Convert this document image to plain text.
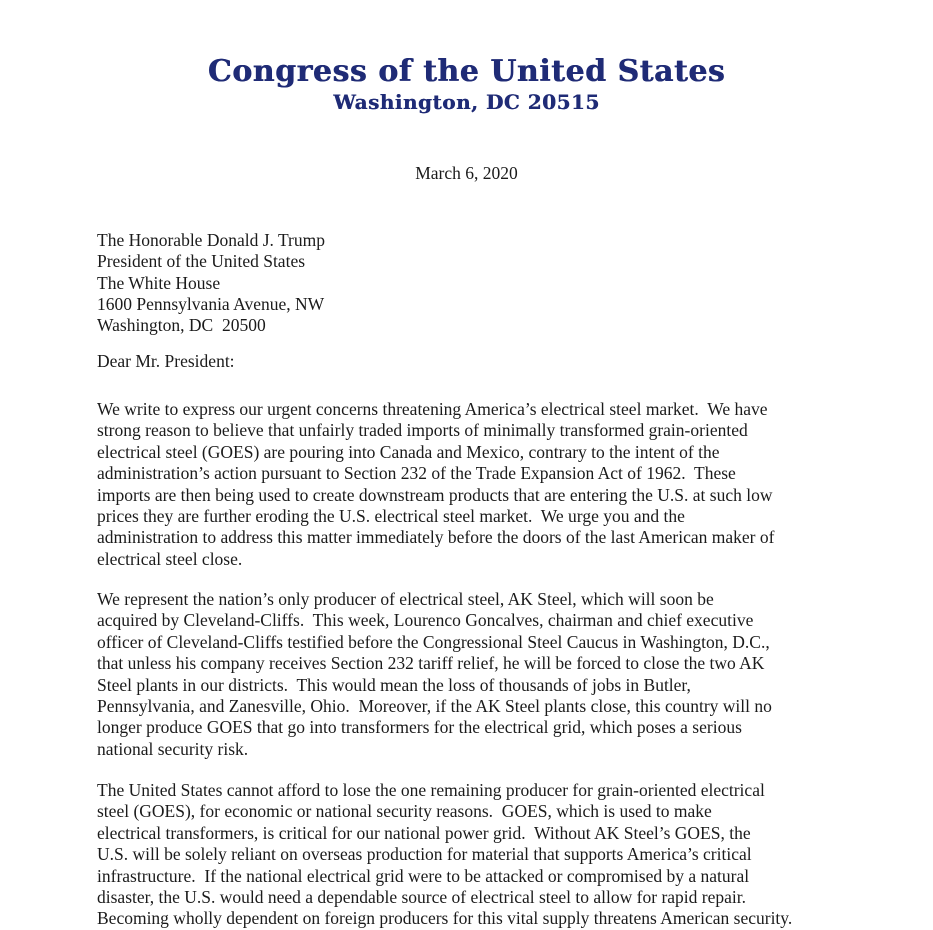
Congress of the United States
Washington, DC 20515
March 6, 2020
The Honorable Donald J. Trump
President of the United States
The White House
1600 Pennsylvania Avenue, NW
Washington, DC  20500
Dear Mr. President:
We write to express our urgent concerns threatening America’s electrical steel market.  We have
strong reason to believe that unfairly traded imports of minimally transformed grain-oriented
electrical steel (GOES) are pouring into Canada and Mexico, contrary to the intent of the
administration’s action pursuant to Section 232 of the Trade Expansion Act of 1962.  These
imports are then being used to create downstream products that are entering the U.S. at such low
prices they are further eroding the U.S. electrical steel market.  We urge you and the
administration to address this matter immediately before the doors of the last American maker of
electrical steel close.
We represent the nation’s only producer of electrical steel, AK Steel, which will soon be
acquired by Cleveland-Cliffs.  This week, Lourenco Goncalves, chairman and chief executive
officer of Cleveland-Cliffs testified before the Congressional Steel Caucus in Washington, D.C.,
that unless his company receives Section 232 tariff relief, he will be forced to close the two AK
Steel plants in our districts.  This would mean the loss of thousands of jobs in Butler,
Pennsylvania, and Zanesville, Ohio.  Moreover, if the AK Steel plants close, this country will no
longer produce GOES that go into transformers for the electrical grid, which poses a serious
national security risk.
The United States cannot afford to lose the one remaining producer for grain-oriented electrical
steel (GOES), for economic or national security reasons.  GOES, which is used to make
electrical transformers, is critical for our national power grid.  Without AK Steel’s GOES, the
U.S. will be solely reliant on overseas production for material that supports America’s critical
infrastructure.  If the national electrical grid were to be attacked or compromised by a natural
disaster, the U.S. would need a dependable source of electrical steel to allow for rapid repair.
Becoming wholly dependent on foreign producers for this vital supply threatens American security.
